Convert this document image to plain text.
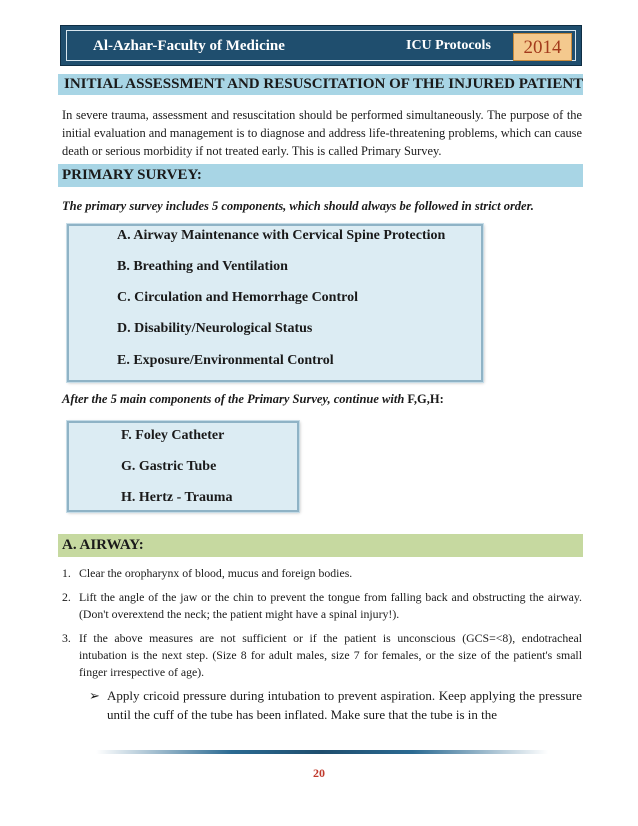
Al-Azhar-Faculty of Medicine	ICU Protocols	2014
INITIAL ASSESSMENT AND RESUSCITATION OF THE INJURED PATIENT

In severe trauma, assessment and resuscitation should be performed simultaneously. The purpose of the initial evaluation and management is to diagnose and address life-threatening problems, which can cause death or serious morbidity if not treated early. This is called Primary Survey.

PRIMARY SURVEY:
The primary survey includes 5 components, which should always be followed in strict order.
A. Airway Maintenance with Cervical Spine Protection
B. Breathing and Ventilation
C. Circulation and Hemorrhage Control
D. Disability/Neurological Status
E. Exposure/Environmental Control
After the 5 main components of the Primary Survey, continue with F,G,H:
F. Foley Catheter
G. Gastric Tube
H. Hertz - Trauma
A. AIRWAY:
1. Clear the oropharynx of blood, mucus and foreign bodies.
2. Lift the angle of the jaw or the chin to prevent the tongue from falling back and obstructing the airway. (Don't overextend the neck; the patient might have a spinal injury!).
3. If the above measures are not sufficient or if the patient is unconscious (GCS=<8), endotracheal intubation is the next step. (Size 8 for adult males, size 7 for females, or the size of the patient's small finger irrespective of age).
➢ Apply cricoid pressure during intubation to prevent aspiration. Keep applying the pressure until the cuff of the tube has been inflated. Make sure that the tube is in the
20
